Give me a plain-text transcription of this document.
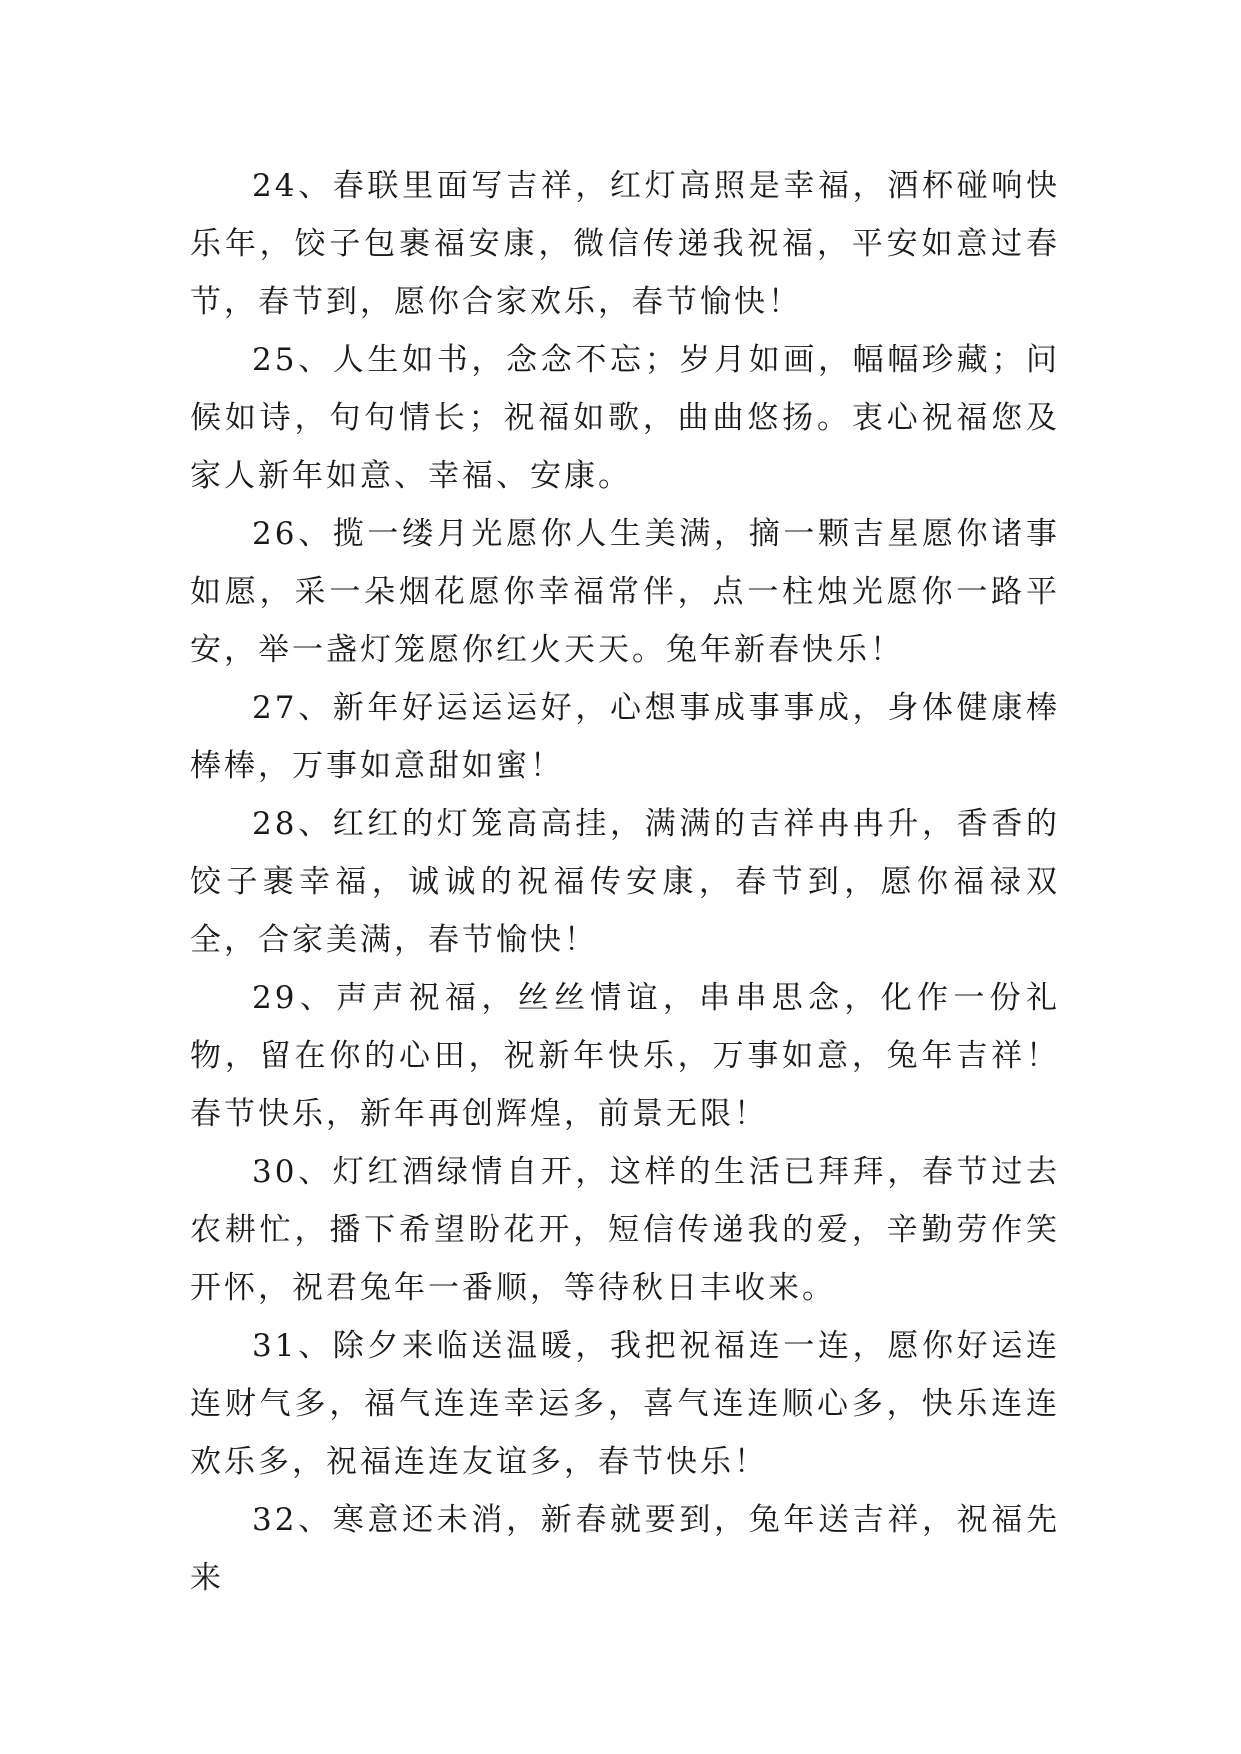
24、春联里面写吉祥，红灯高照是幸福，酒杯碰响快乐年，饺子包裹福安康，微信传递我祝福，平安如意过春节，春节到，愿你合家欢乐，春节愉快！

25、人生如书，念念不忘；岁月如画，幅幅珍藏；问候如诗，句句情长；祝福如歌，曲曲悠扬。衷心祝福您及家人新年如意、幸福、安康。

26、揽一缕月光愿你人生美满，摘一颗吉星愿你诸事如愿，采一朵烟花愿你幸福常伴，点一柱烛光愿你一路平安，举一盏灯笼愿你红火天天。兔年新春快乐！

27、新年好运运运好，心想事成事事成，身体健康棒棒棒，万事如意甜如蜜！

28、红红的灯笼高高挂，满满的吉祥冉冉升，香香的饺子裹幸福，诚诚的祝福传安康，春节到，愿你福禄双全，合家美满，春节愉快！

29、声声祝福，丝丝情谊，串串思念，化作一份礼物，留在你的心田，祝新年快乐，万事如意，兔年吉祥！春节快乐，新年再创辉煌，前景无限！

30、灯红酒绿情自开，这样的生活已拜拜，春节过去农耕忙，播下希望盼花开，短信传递我的爱，辛勤劳作笑开怀，祝君兔年一番顺，等待秋日丰收来。

31、除夕来临送温暖，我把祝福连一连，愿你好运连连财气多，福气连连幸运多，喜气连连顺心多，快乐连连欢乐多，祝福连连友谊多，春节快乐！

32、寒意还未消，新春就要到，兔年送吉祥，祝福先来
